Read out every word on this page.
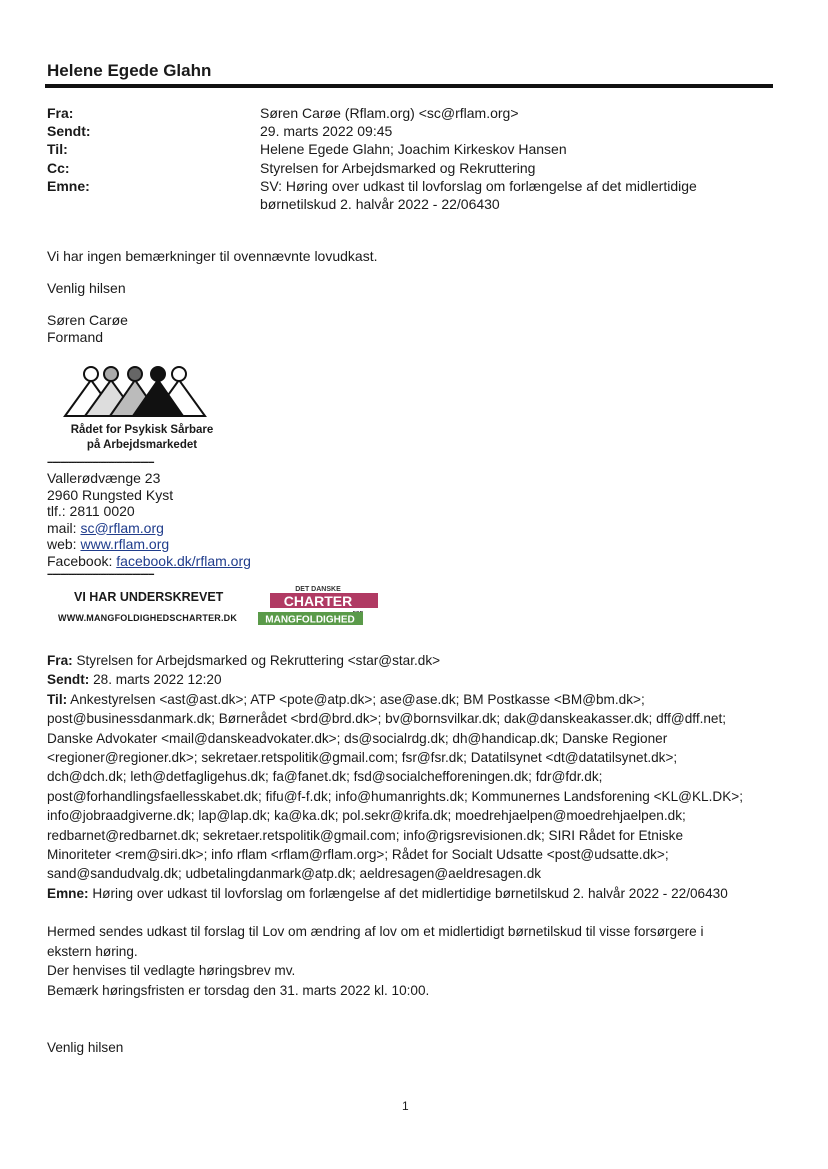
Helene Egede Glahn
Fra:	Søren Carøe (Rflam.org) <sc@rflam.org>
Sendt:	29. marts 2022 09:45
Til:	Helene Egede Glahn; Joachim Kirkeskov Hansen
Cc:	Styrelsen for Arbejdsmarked og Rekruttering
Emne:	SV: Høring over udkast til lovforslag om forlængelse af det midlertidige
børnetilskud 2. halvår 2022 - 22/06430

Vi har ingen bemærkninger til ovennævnte lovudkast.

Venlig hilsen

Søren Carøe

Formand

Rådet for Psykisk Sårbare
på Arbejdsmarkedet
----------------------------------------
Vallerødvænge 23
2960 Rungsted Kyst
tlf.: 2811 0020
mail: sc@rflam.org
web: www.rflam.org
Facebook: facebook.dk/rflam.org
----------------------------------------
VI HAR UNDERSKREVET
WWW.MANGFOLDIGHEDSCHARTER.DK
DET DANSKE
CHARTER
MANGFOLDIGHED
Fra: Styrelsen for Arbejdsmarked og Rekruttering <star@star.dk>
Sendt: 28. marts 2022 12:20
Til: Ankestyrelsen <ast@ast.dk>; ATP <pote@atp.dk>; ase@ase.dk; BM Postkasse <BM@bm.dk>;
post@businessdanmark.dk; Børnerådet <brd@brd.dk>; bv@bornsvilkar.dk; dak@danskeakasser.dk; dff@dff.net;
Danske Advokater <mail@danskeadvokater.dk>; ds@socialrdg.dk; dh@handicap.dk; Danske Regioner
<regioner@regioner.dk>; sekretaer.retspolitik@gmail.com; fsr@fsr.dk; Datatilsynet <dt@datatilsynet.dk>;
dch@dch.dk; leth@detfagligehus.dk; fa@fanet.dk; fsd@socialchefforeningen.dk; fdr@fdr.dk;
post@forhandlingsfaellesskabet.dk; fifu@f-f.dk; info@humanrights.dk; Kommunernes Landsforening <KL@KL.DK>;
info@jobraadgiverne.dk; lap@lap.dk; ka@ka.dk; pol.sekr@krifa.dk; moedrehjaelpen@moedrehjaelpen.dk;
redbarnet@redbarnet.dk; sekretaer.retspolitik@gmail.com; info@rigsrevisionen.dk; SIRI Rådet for Etniske
Minoriteter <rem@siri.dk>; info rflam <rflam@rflam.org>; Rådet for Socialt Udsatte <post@udsatte.dk>;
sand@sandudvalg.dk; udbetalingdanmark@atp.dk; aeldresagen@aeldresagen.dk
Emne: Høring over udkast til lovforslag om forlængelse af det midlertidige børnetilskud 2. halvår 2022 - 22/06430
Hermed sendes udkast til forslag til Lov om ændring af lov om et midlertidigt børnetilskud til visse forsørgere i
ekstern høring.
Der henvises til vedlagte høringsbrev mv.
Bemærk høringsfristen er torsdag den 31. marts 2022 kl. 10:00.
Venlig hilsen
1
